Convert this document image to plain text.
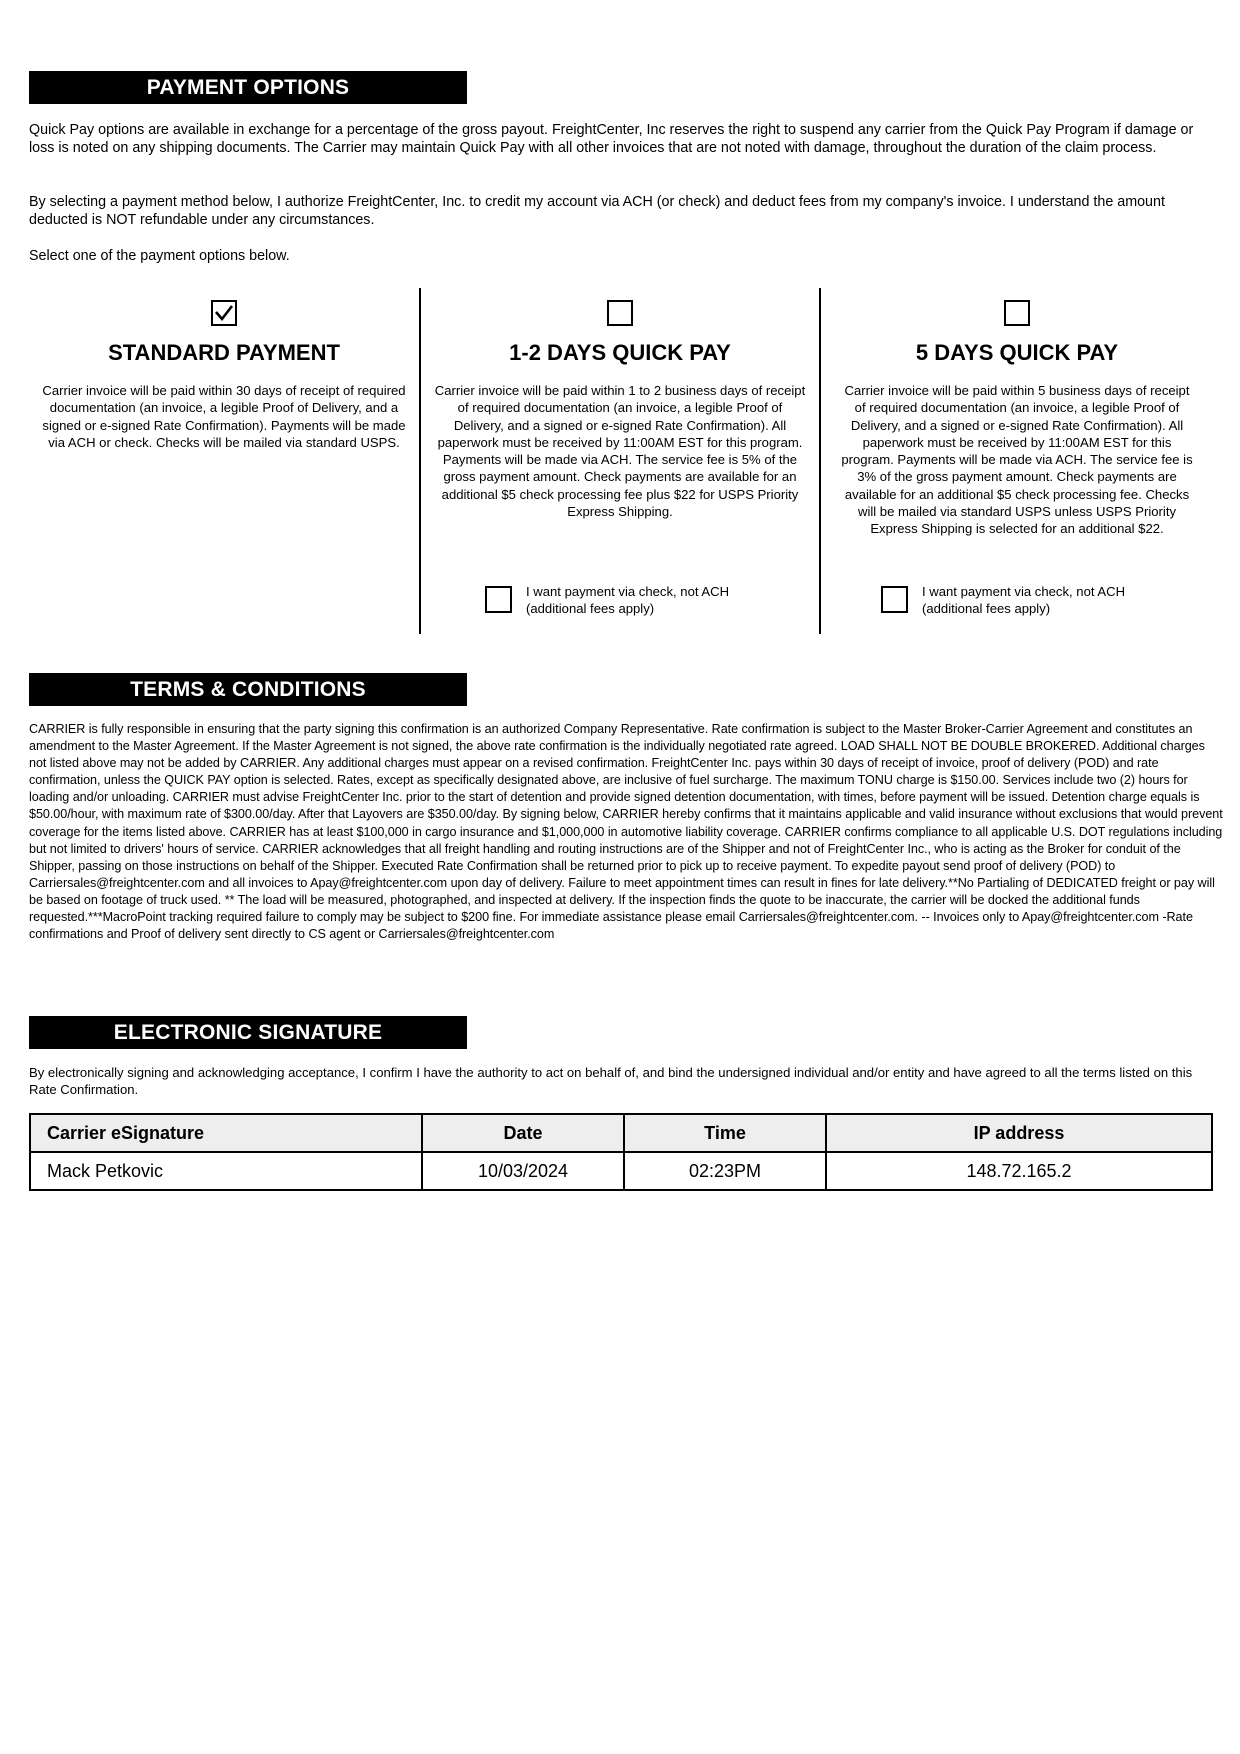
PAYMENT OPTIONS

Quick Pay options are available in exchange for a percentage of the gross payout. FreightCenter, Inc reserves the right to suspend any carrier from the Quick Pay Program if damage or loss is noted on any shipping documents. The Carrier may maintain Quick Pay with all other invoices that are not noted with damage, throughout the duration of the claim process.

By selecting a payment method below, I authorize FreightCenter, Inc. to credit my account via ACH (or check) and deduct fees from my company's invoice. I understand the amount deducted is NOT refundable under any circumstances.

Select one of the payment options below.

STANDARD PAYMENT
Carrier invoice will be paid within 30 days of receipt of required documentation (an invoice, a legible Proof of Delivery, and a signed or e-signed Rate Confirmation). Payments will be made via ACH or check. Checks will be mailed via standard USPS.
1-2 DAYS QUICK PAY
Carrier invoice will be paid within 1 to 2 business days of receipt of required documentation (an invoice, a legible Proof of Delivery, and a signed or e-signed Rate Confirmation). All paperwork must be received by 11:00AM EST for this program. Payments will be made via ACH. The service fee is 5% of the gross payment amount. Check payments are available for an additional $5 check processing fee plus $22 for USPS Priority Express Shipping.
I want payment via check, not ACH (additional fees apply)
5 DAYS QUICK PAY
Carrier invoice will be paid within 5 business days of receipt of required documentation (an invoice, a legible Proof of Delivery, and a signed or e-signed Rate Confirmation). All paperwork must be received by 11:00AM EST for this program. Payments will be made via ACH. The service fee is 3% of the gross payment amount. Check payments are available for an additional $5 check processing fee. Checks will be mailed via standard USPS unless USPS Priority Express Shipping is selected for an additional $22.
I want payment via check, not ACH (additional fees apply)
TERMS & CONDITIONS

CARRIER is fully responsible in ensuring that the party signing this confirmation is an authorized Company Representative. Rate confirmation is subject to the Master Broker-Carrier Agreement and constitutes an amendment to the Master Agreement. If the Master Agreement is not signed, the above rate confirmation is the individually negotiated rate agreed. LOAD SHALL NOT BE DOUBLE BROKERED. Additional charges not listed above may not be added by CARRIER. Any additional charges must appear on a revised confirmation. FreightCenter Inc. pays within 30 days of receipt of invoice, proof of delivery (POD) and rate confirmation, unless the QUICK PAY option is selected. Rates, except as specifically designated above, are inclusive of fuel surcharge. The maximum TONU charge is $150.00. Services include two (2) hours for loading and/or unloading. CARRIER must advise FreightCenter Inc. prior to the start of detention and provide signed detention documentation, with times, before payment will be issued. Detention charge equals is $50.00/hour, with maximum rate of $300.00/day. After that Layovers are $350.00/day. By signing below, CARRIER hereby confirms that it maintains applicable and valid insurance without exclusions that would prevent coverage for the items listed above. CARRIER has at least $100,000 in cargo insurance and $1,000,000 in automotive liability coverage. CARRIER confirms compliance to all applicable U.S. DOT regulations including but not limited to drivers' hours of service. CARRIER acknowledges that all freight handling and routing instructions are of the Shipper and not of FreightCenter Inc., who is acting as the Broker for conduit of the Shipper, passing on those instructions on behalf of the Shipper. Executed Rate Confirmation shall be returned prior to pick up to receive payment. To expedite payout send proof of delivery (POD) to Carriersales@freightcenter.com and all invoices to Apay@freightcenter.com upon day of delivery. Failure to meet appointment times can result in fines for late delivery.**No Partialing of DEDICATED freight or pay will be based on footage of truck used. ** The load will be measured, photographed, and inspected at delivery. If the inspection finds the quote to be inaccurate, the carrier will be docked the additional funds requested.***MacroPoint tracking required failure to comply may be subject to $200 fine. For immediate assistance please email Carriersales@freightcenter.com. -- Invoices only to Apay@freightcenter.com -Rate confirmations and Proof of delivery sent directly to CS agent or Carriersales@freightcenter.com

ELECTRONIC SIGNATURE

By electronically signing and acknowledging acceptance, I confirm I have the authority to act on behalf of, and bind the undersigned individual and/or entity and have agreed to all the terms listed on this Rate Confirmation.

Carrier eSignature	Date	Time	IP address
Mack Petkovic	10/03/2024	02:23PM	148.72.165.2
